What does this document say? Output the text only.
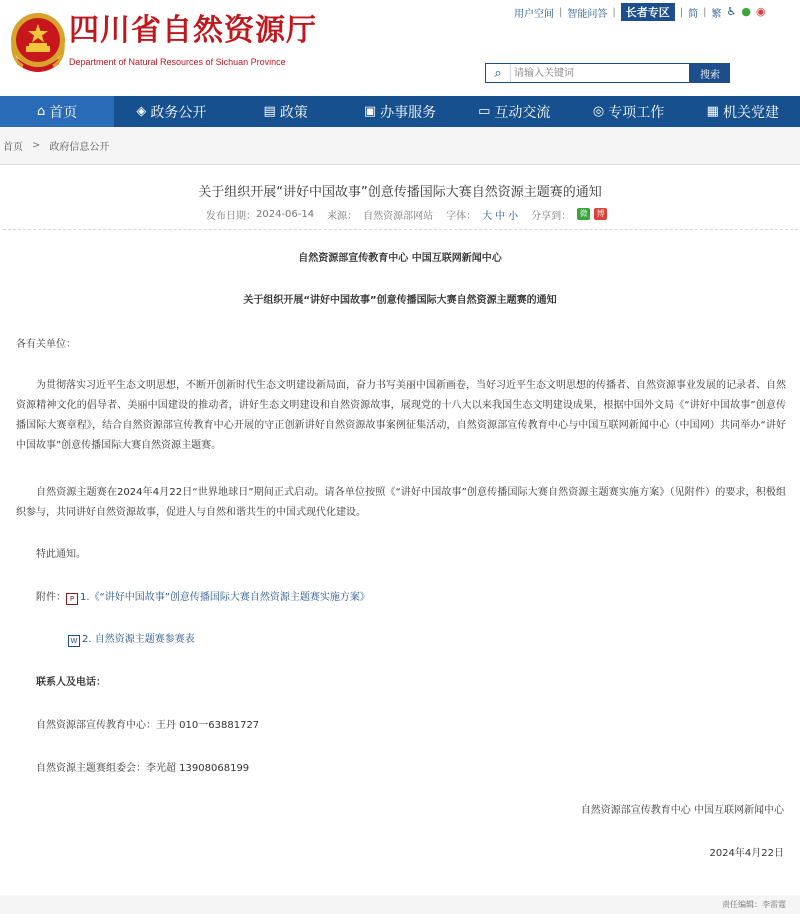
四川省自然资源厅
Department of Natural Resources of Sichuan Province
用户空间 | 智能问答 | 长者专区	| 简 | 繁 ♿ ● ◉
⌕
请输入关键词	搜索
⌂ 首页	◈ 政务公开	▤ 政策	▣ 办事服务	▭ 互动交流	◎ 专项工作	▦ 机关党建
首页 > 政府信息公开
关于组织开展“讲好中国故事”创意传播国际大赛自然资源主题赛的通知
发布日期： 2024-06-14 来源： 自然资源部网站 字体： 大 中 小 分享到：	微	博
自然资源部宣传教育中心 中国互联网新闻中心
关于组织开展“讲好中国故事”创意传播国际大赛自然资源主题赛的通知
各有关单位：
为贯彻落实习近平生态文明思想，不断开创新时代生态文明建设新局面，奋力书写美丽中国新画卷，当好习近平生态文明思想的传播者、自然资源事业发展的记录者、自然资源精神文化的倡导者、美丽中国建设的推动者，讲好生态文明建设和自然资源故事，展现党的十八大以来我国生态文明建设成果，根据中国外文局《“讲好中国故事”创意传播国际大赛章程》，结合自然资源部宣传教育中心开展的守正创新讲好自然资源故事案例征集活动，自然资源部宣传教育中心与中国互联网新闻中心（中国网）共同举办“讲好中国故事”创意传播国际大赛自然资源主题赛。
自然资源主题赛在2024年4月22日“世界地球日”期间正式启动。请各单位按照《“讲好中国故事”创意传播国际大赛自然资源主题赛实施方案》（见附件）的要求，积极组织参与，共同讲好自然资源故事，促进人与自然和谐共生的中国式现代化建设。
特此通知。
附件： P 1.《“讲好中国故事”创意传播国际大赛自然资源主题赛实施方案》
W 2. 自然资源主题赛参赛表
联系人及电话：
自然资源部宣传教育中心：王丹 010一63881727
自然资源主题赛组委会：李光超 13908068199
自然资源部宣传教育中心 中国互联网新闻中心
2024年4月22日
责任编辑：李雷霆
